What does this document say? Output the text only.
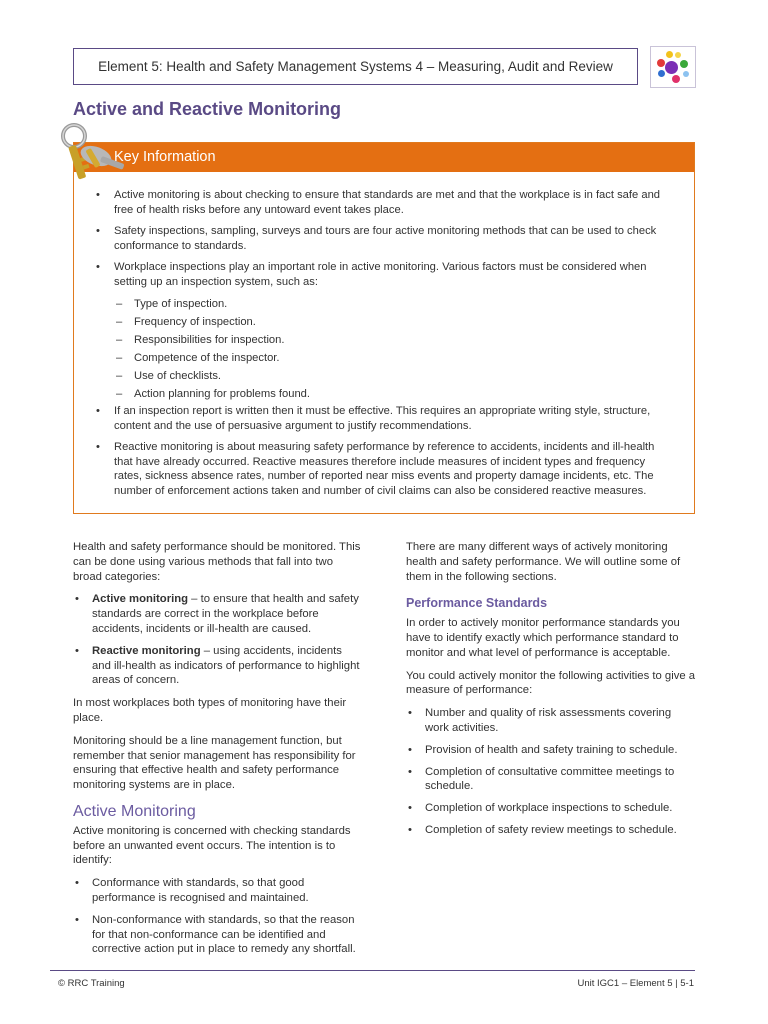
Element 5: Health and Safety Management Systems 4 – Measuring, Audit and Review
Active and Reactive Monitoring
Key Information
• Active monitoring is about checking to ensure that standards are met and that the workplace is in fact safe and free of health risks before any untoward event takes place.
• Safety inspections, sampling, surveys and tours are four active monitoring methods that can be used to check conformance to standards.
• Workplace inspections play an important role in active monitoring. Various factors must be considered when setting up an inspection system, such as:
– Type of inspection.
– Frequency of inspection.
– Responsibilities for inspection.
– Competence of the inspector.
– Use of checklists.
– Action planning for problems found.
• If an inspection report is written then it must be effective. This requires an appropriate writing style, structure, content and the use of persuasive argument to justify recommendations.
• Reactive monitoring is about measuring safety performance by reference to accidents, incidents and ill-health that have already occurred. Reactive measures therefore include measures of incident types and frequency rates, sickness absence rates, number of reported near miss events and property damage incidents, etc. The number of enforcement actions taken and number of civil claims can also be considered reactive measures.

Health and safety performance should be monitored. This can be done using various methods that fall into two broad categories:

• Active monitoring – to ensure that health and safety standards are correct in the workplace before accidents, incidents or ill-health are caused.
• Reactive monitoring – using accidents, incidents and ill-health as indicators of performance to highlight areas of concern.

In most workplaces both types of monitoring have their place.

Monitoring should be a line management function, but remember that senior management has responsibility for ensuring that effective health and safety performance monitoring systems are in place.

Active Monitoring

Active monitoring is concerned with checking standards before an unwanted event occurs. The intention is to identify:

• Conformance with standards, so that good performance is recognised and maintained.
• Non-conformance with standards, so that the reason for that non-conformance can be identified and corrective action put in place to remedy any shortfall.

There are many different ways of actively monitoring health and safety performance. We will outline some of them in the following sections.

Performance Standards

In order to actively monitor performance standards you have to identify exactly which performance standard to monitor and what level of performance is acceptable.

You could actively monitor the following activities to give a measure of performance:

• Number and quality of risk assessments covering work activities.
• Provision of health and safety training to schedule.
• Completion of consultative committee meetings to schedule.
• Completion of workplace inspections to schedule.
• Completion of safety review meetings to schedule.
© RRC Training	Unit IGC1 – Element 5 | 5-1
